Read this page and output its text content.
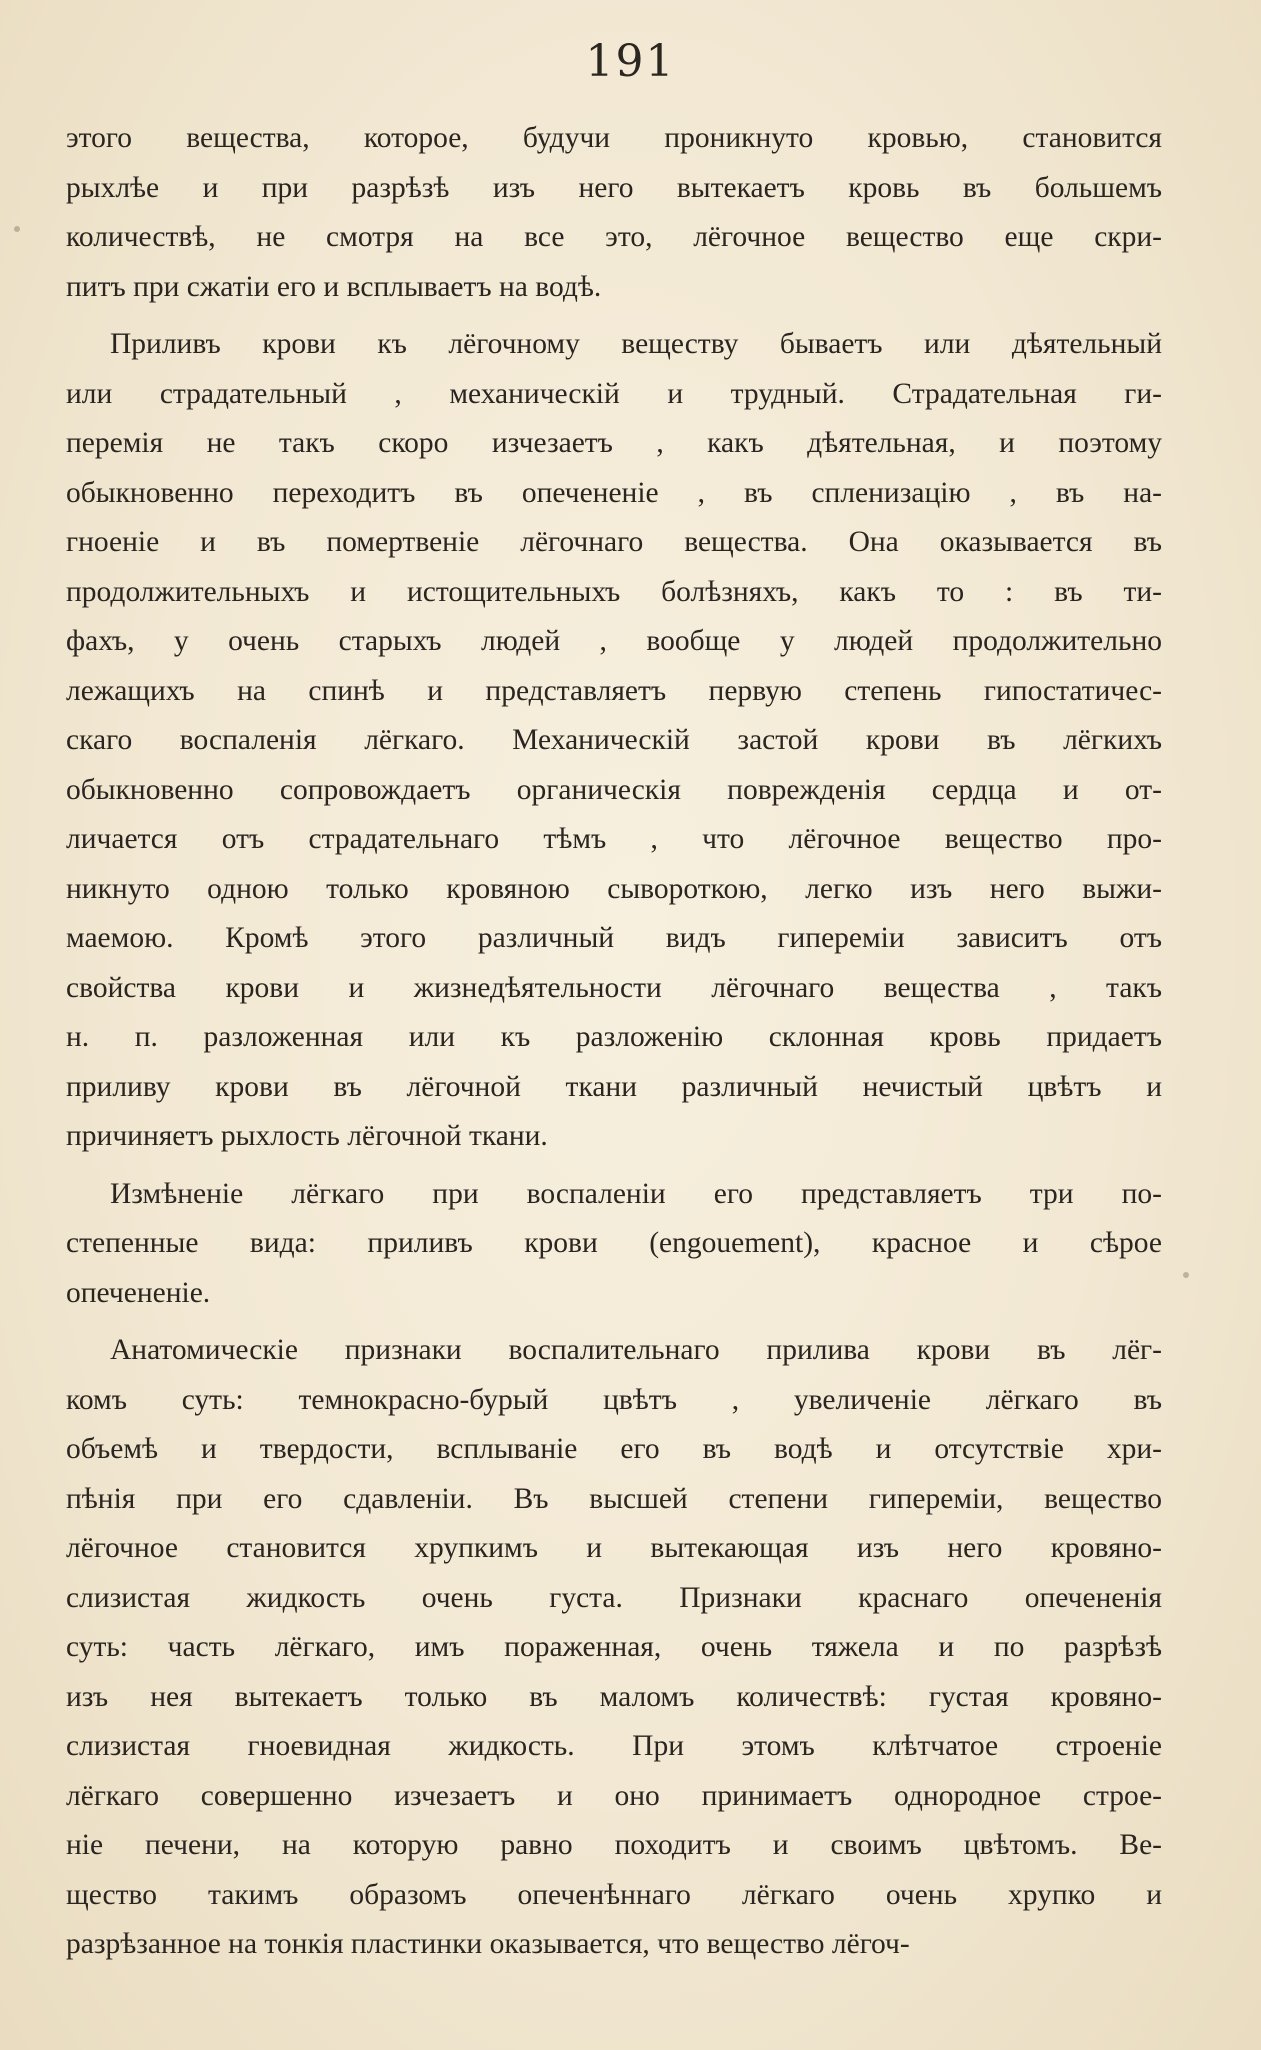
191
этого вещества, которое, будучи проникнуто кровью, становится
рыхлѣе и при разрѣзѣ изъ него вытекаетъ кровь въ большемъ
количествѣ, не смотря на все это, лёгочное вещество еще скри-
питъ при сжатіи его и всплываетъ на водѣ.
Приливъ крови къ лёгочному веществу бываетъ или дѣятельный
или страдательный , механическій и трудный. Страдательная ги-
перемія не такъ скоро изчезаетъ , какъ дѣятельная, и поэтому
обыкновенно переходитъ въ опечененіе , въ спленизацію , въ на-
гноеніе и въ помертвеніе лёгочнаго вещества. Она оказывается въ
продолжительныхъ и истощительныхъ болѣзняхъ, какъ то : въ ти-
фахъ, у очень старыхъ людей , вообще у людей продолжительно
лежащихъ на спинѣ и представляетъ первую степень гипостатичес-
скаго воспаленія лёгкаго. Механическій застой крови въ лёгкихъ
обыкновенно сопровождаетъ органическія поврежденія сердца и от-
личается отъ страдательнаго тѣмъ , что лёгочное вещество про-
никнуто одною только кровяною сывороткою, легко изъ него выжи-
маемою. Кромѣ этого различный видъ гипереміи зависитъ отъ
свойства крови и жизнедѣятельности лёгочнаго вещества , такъ
н. п. разложенная или къ разложенію склонная кровь придаетъ
приливу крови въ лёгочной ткани различный нечистый цвѣтъ и
причиняетъ рыхлость лёгочной ткани.
Измѣненіе лёгкаго при воспаленіи его представляетъ три по-
степенные вида: приливъ крови (engouement), красное и сѣрое
опечененіе.
Анатомическіе признаки воспалительнаго прилива крови въ лёг-
комъ суть: темнокрасно-бурый цвѣтъ , увеличеніе лёгкаго въ
объемѣ и твердости, всплываніе его въ водѣ и отсутствіе хри-
пѣнія при его сдавленіи. Въ высшей степени гипереміи, вещество
лёгочное становится хрупкимъ и вытекающая изъ него кровяно-
слизистая жидкость очень густа. Признаки краснаго опечененія
суть: часть лёгкаго, имъ пораженная, очень тяжела и по разрѣзѣ
изъ нея вытекаетъ только въ маломъ количествѣ: густая кровяно-
слизистая гноевидная жидкость. При этомъ клѣтчатое строеніе
лёгкаго совершенно изчезаетъ и оно принимаетъ однородное строе-
ніе печени, на которую равно походитъ и своимъ цвѣтомъ. Ве-
щество такимъ образомъ опеченѣннаго лёгкаго очень хрупко и
разрѣзанное на тонкія пластинки оказывается, что вещество лёгоч-
